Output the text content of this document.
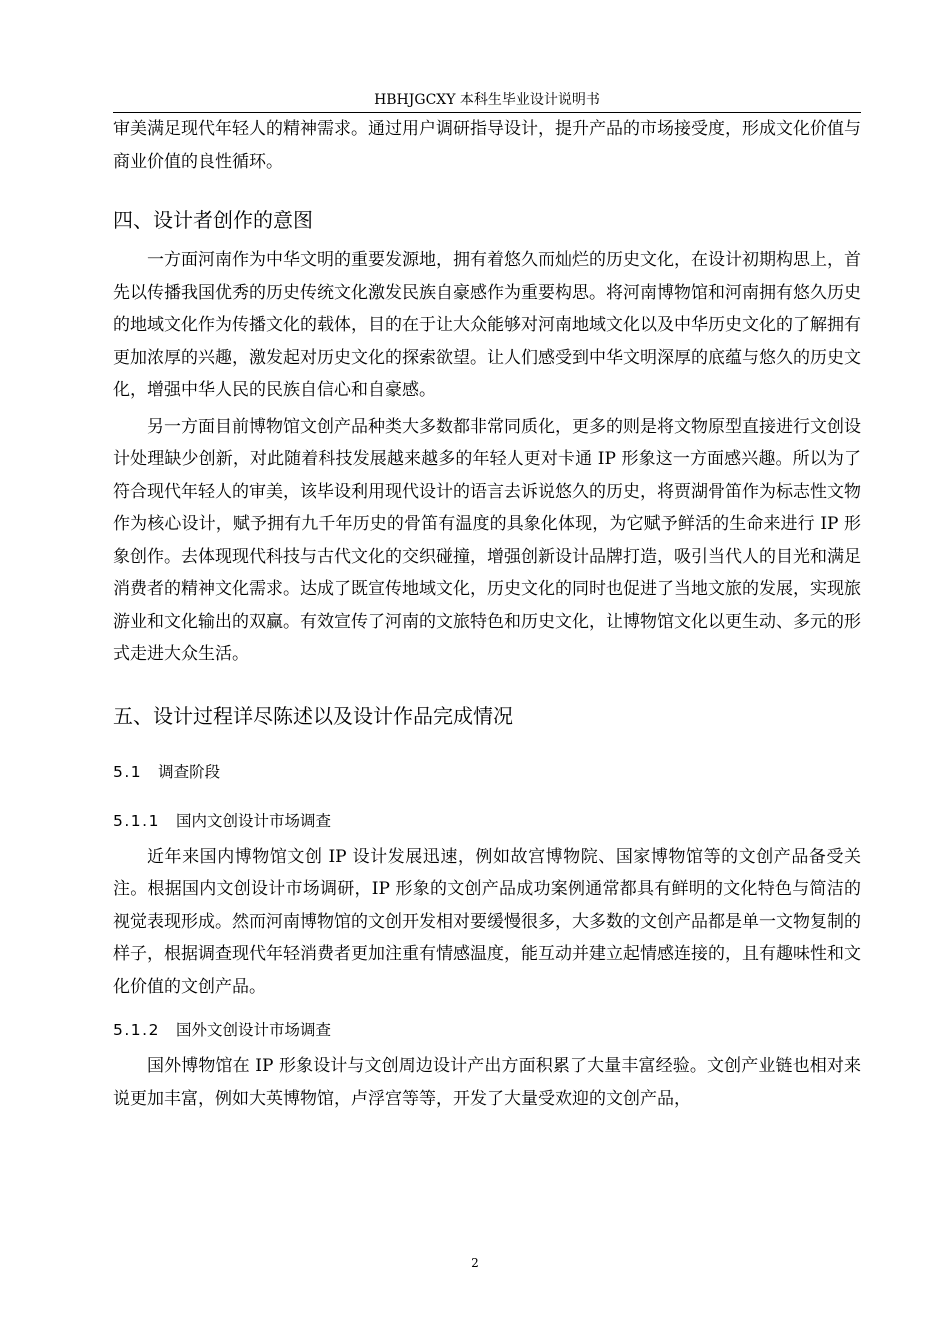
HBHJGCXY 本科生毕业设计说明书

审美满足现代年轻人的精神需求。通过用户调研指导设计，提升产品的市场接受度，形成文化价值与商业价值的良性循环。

四、设计者创作的意图

一方面河南作为中华文明的重要发源地，拥有着悠久而灿烂的历史文化，在设计初期构思上，首先以传播我国优秀的历史传统文化激发民族自豪感作为重要构思。将河南博物馆和河南拥有悠久历史的地域文化作为传播文化的载体，目的在于让大众能够对河南地域文化以及中华历史文化的了解拥有更加浓厚的兴趣，激发起对历史文化的探索欲望。让人们感受到中华文明深厚的底蕴与悠久的历史文化，增强中华人民的民族自信心和自豪感。

另一方面目前博物馆文创产品种类大多数都非常同质化，更多的则是将文物原型直接进行文创设计处理缺少创新，对此随着科技发展越来越多的年轻人更对卡通 IP 形象这一方面感兴趣。所以为了符合现代年轻人的审美，该毕设利用现代设计的语言去诉说悠久的历史，将贾湖骨笛作为标志性文物作为核心设计，赋予拥有九千年历史的骨笛有温度的具象化体现，为它赋予鲜活的生命来进行 IP 形象创作。去体现现代科技与古代文化的交织碰撞，增强创新设计品牌打造，吸引当代人的目光和满足消费者的精神文化需求。达成了既宣传地域文化，历史文化的同时也促进了当地文旅的发展，实现旅游业和文化输出的双赢。有效宣传了河南的文旅特色和历史文化，让博物馆文化以更生动、多元的形式走进大众生活。

五、设计过程详尽陈述以及设计作品完成情况
5.1 调查阶段
5.1.1 国内文创设计市场调查

近年来国内博物馆文创 IP 设计发展迅速，例如故宫博物院、国家博物馆等的文创产品备受关注。根据国内文创设计市场调研，IP 形象的文创产品成功案例通常都具有鲜明的文化特色与简洁的视觉表现形成。然而河南博物馆的文创开发相对要缓慢很多，大多数的文创产品都是单一文物复制的样子，根据调查现代年轻消费者更加注重有情感温度，能互动并建立起情感连接的，且有趣味性和文化价值的文创产品。

5.1.2 国外文创设计市场调查

国外博物馆在 IP 形象设计与文创周边设计产出方面积累了大量丰富经验。文创产业链也相对来说更加丰富，例如大英博物馆，卢浮宫等等，开发了大量受欢迎的文创产品，

2
